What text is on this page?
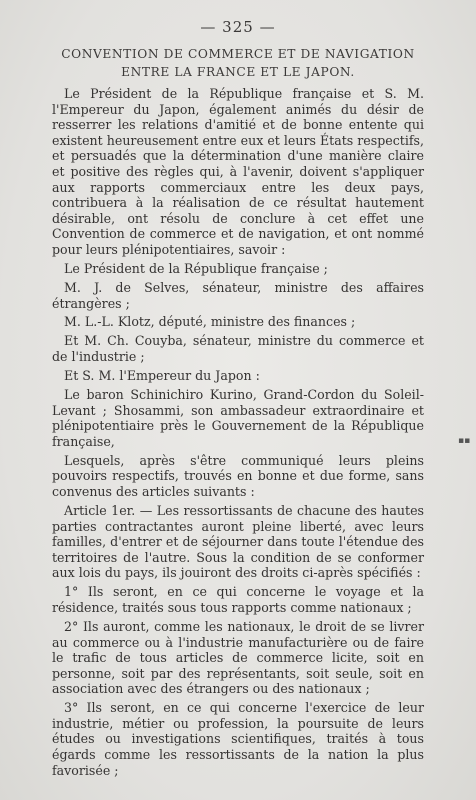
— 325 —
CONVENTION DE COMMERCE ET DE NAVIGATION
ENTRE LA FRANCE ET LE JAPON.

Le Président de la République française et S. M. l'Empereur du Japon, également animés du désir de resserrer les relations d'amitié et de bonne entente qui existent heureusement entre eux et leurs États respectifs, et persuadés que la détermination d'une manière claire et positive des règles qui, à l'avenir, doivent s'appliquer aux rapports commerciaux entre les deux pays, contribuera à la réalisation de ce résultat hautement désirable, ont résolu de conclure à cet effet une Convention de commerce et de navigation, et ont nommé pour leurs plénipotentiaires, savoir :

Le Président de la République française ;

M. J. de Selves, sénateur, ministre des affaires étrangères ;

M. L.-L. Klotz, député, ministre des finances ;

Et M. Ch. Couyba, sénateur, ministre du commerce et de l'industrie ;

Et S. M. l'Empereur du Japon :

Le baron Schinichiro Kurino, Grand-Cordon du Soleil-Levant ; Shosammi, son ambassadeur extraordinaire et plénipotentiaire près le Gouvernement de la République française,

Lesquels, après s'être communiqué leurs pleins pouvoirs respectifs, trouvés en bonne et due forme, sans convenus des articles suivants :

Article 1er. — Les ressortissants de chacune des hautes parties contractantes auront pleine liberté, avec leurs familles, d'entrer et de séjourner dans toute l'étendue des territoires de l'autre. Sous la condition de se conformer aux lois du pays, ils jouiront des droits ci-après spécifiés :

1° Ils seront, en ce qui concerne le voyage et la résidence, traités sous tous rapports comme nationaux ;

2° Ils auront, comme les nationaux, le droit de se livrer au commerce ou à l'industrie manufacturière ou de faire le trafic de tous articles de commerce licite, soit en personne, soit par des représentants, soit seule, soit en association avec des étrangers ou des nationaux ;

3° Ils seront, en ce qui concerne l'exercice de leur industrie, métier ou profession, la poursuite de leurs études ou investigations scientifiques, traités à tous égards comme les ressortissants de la nation la plus favorisée ;

▪▪
